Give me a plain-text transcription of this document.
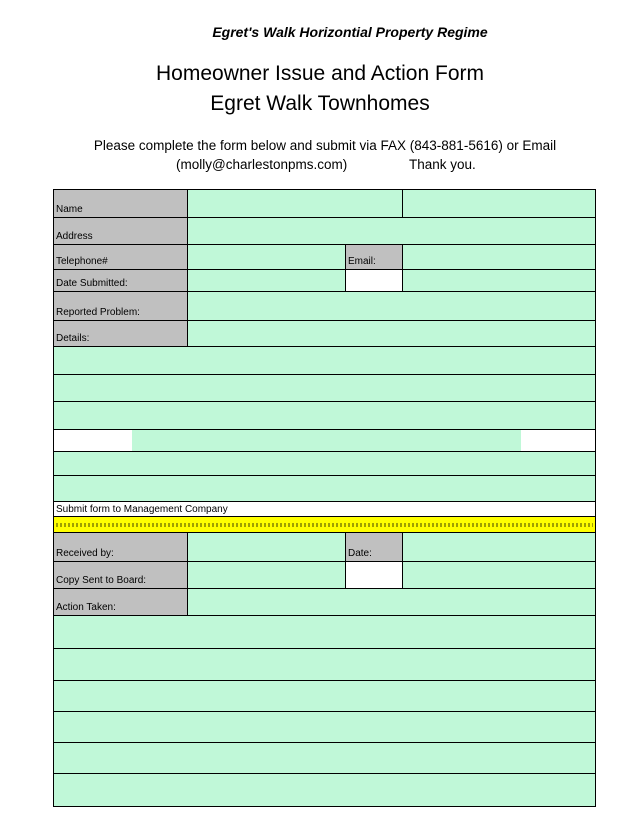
Egret's Walk Horizontial Property Regime
Homeowner Issue and Action Form
Egret Walk Townhomes
Please complete the form below and submit via FAX (843-881-5616) or Email
(molly@charlestonpms.com)	Thank you.
Name
Address
Telephone#	Email:
Date Submitted:
Reported Problem:
Details:
Submit form to Management Company
Received by:	Date:
Copy Sent to Board:
Action Taken:
